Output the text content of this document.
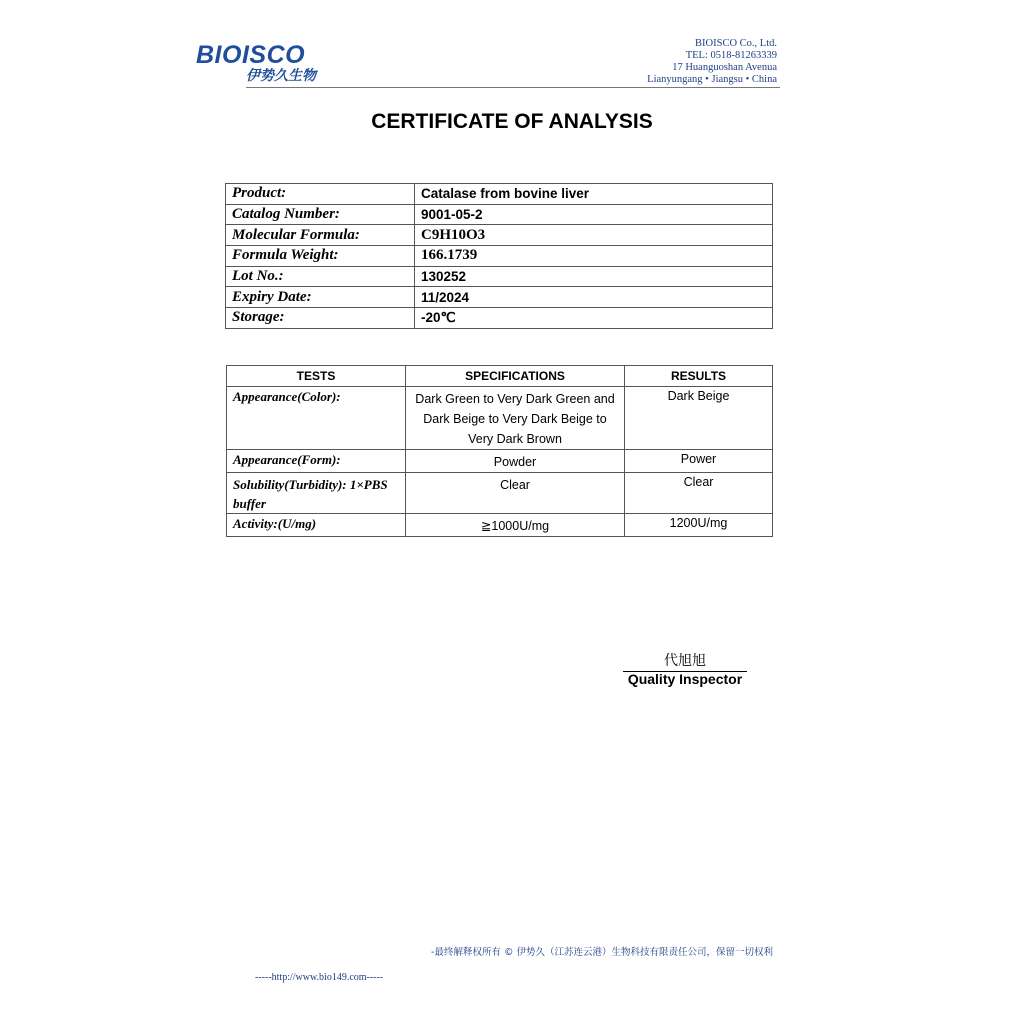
BIOISCO
伊势久生物
BIOISCO Co., Ltd.
TEL: 0518-81263339
17 Huanguoshan Avenua
Lianyungang • Jiangsu • China
CERTIFICATE OF ANALYSIS
Product:	Catalase from bovine liver
Catalog Number:	9001-05-2
Molecular Formula:	C9H10O3
Formula Weight:	166.1739
Lot No.:	130252
Expiry Date:	11/2024
Storage:	-20℃
TESTS	SPECIFICATIONS	RESULTS
Appearance(Color):	Dark Green to Very Dark Green and Dark Beige to Very Dark Beige to Very Dark Brown	Dark Beige
Appearance(Form):	Powder	Power
Solubility(Turbidity): 1×PBS buffer	Clear	Clear
Activity:(U/mg)	≧1000U/mg	1200U/mg
代旭旭
Quality Inspector
-最终解释权所有 © 伊势久（江苏连云港）生物科技有限责任公司，保留一切权利
-----http://www.bio149.com-----
